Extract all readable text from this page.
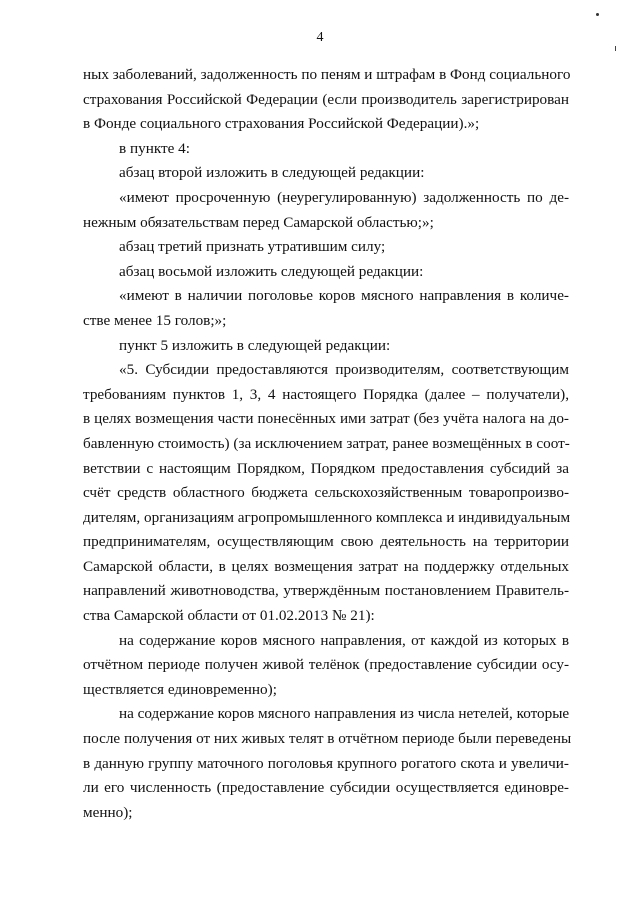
4
ных заболеваний, задолженность по пеням и штрафам в Фонд социального
страхования Российской Федерации (если производитель зарегистрирован
в Фонде социального страхования Российской Федерации).»;
в пункте 4:
абзац второй изложить в следующей редакции:
«имеют просроченную (неурегулированную) задолженность по де-
нежным обязательствам перед Самарской областью;»;
абзац третий признать утратившим силу;
абзац восьмой изложить следующей редакции:
«имеют в наличии поголовье коров мясного направления в количе-
стве менее 15 голов;»;
пункт 5 изложить в следующей редакции:
«5. Субсидии предоставляются производителям, соответствующим
требованиям пунктов 1, 3, 4 настоящего Порядка (далее – получатели),
в целях возмещения части понесённых ими затрат (без учёта налога на до-
бавленную стоимость) (за исключением затрат, ранее возмещённых в соот-
ветствии с настоящим Порядком, Порядком предоставления субсидий за
счёт средств областного бюджета сельскохозяйственным товаропроизво-
дителям, организациям агропромышленного комплекса и индивидуальным
предпринимателям, осуществляющим свою деятельность на территории
Самарской области, в целях возмещения затрат на поддержку отдельных
направлений животноводства, утверждённым постановлением Правитель-
ства Самарской области от 01.02.2013 № 21):
на содержание коров мясного направления, от каждой из которых в
отчётном периоде получен живой телёнок (предоставление субсидии осу-
ществляется единовременно);
на содержание коров мясного направления из числа нетелей, которые
после получения от них живых телят в отчётном периоде были переведены
в данную группу маточного поголовья крупного рогатого скота и увеличи-
ли его численность (предоставление субсидии осуществляется единовре-
менно);
